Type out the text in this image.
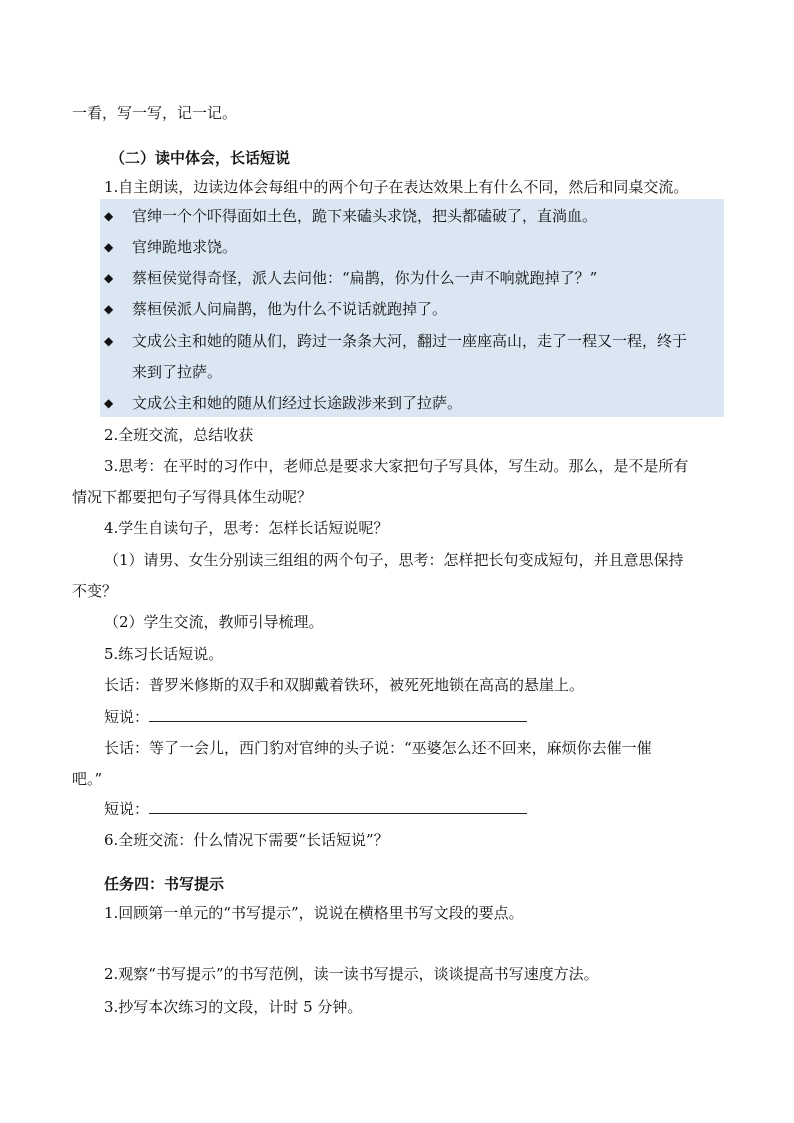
一看，写一写，记一记。
（二）读中体会，长话短说
1.自主朗读，边读边体会每组中的两个句子在表达效果上有什么不同，然后和同桌交流。
◆ 官绅一个个吓得面如土色，跪下来磕头求饶，把头都磕破了，直淌血。
◆ 官绅跪地求饶。
◆ 蔡桓侯觉得奇怪，派人去问他：“扁鹊，你为什么一声不响就跑掉了？”
◆ 蔡桓侯派人问扁鹊，他为什么不说话就跑掉了。
◆ 文成公主和她的随从们，跨过一条条大河，翻过一座座高山，走了一程又一程，终于
来到了拉萨。
◆ 文成公主和她的随从们经过长途跋涉来到了拉萨。
2.全班交流，总结收获
3.思考：在平时的习作中，老师总是要求大家把句子写具体，写生动。那么，是不是所有
情况下都要把句子写得具体生动呢？
4.学生自读句子，思考：怎样长话短说呢？
（1）请男、女生分别读三组组的两个句子，思考：怎样把长句变成短句，并且意思保持
不变？
（2）学生交流，教师引导梳理。
5.练习长话短说。
长话：普罗米修斯的双手和双脚戴着铁环，被死死地锁在高高的悬崖上。
短说：
长话：等了一会儿，西门豹对官绅的头子说：“巫婆怎么还不回来，麻烦你去催一催
吧。”
短说：
6.全班交流：什么情况下需要“长话短说”？
任务四：书写提示
1.回顾第一单元的“书写提示”，说说在横格里书写文段的要点。
2.观察“书写提示”的书写范例，读一读书写提示，谈谈提高书写速度方法。
3.抄写本次练习的文段，计时 5 分钟。
